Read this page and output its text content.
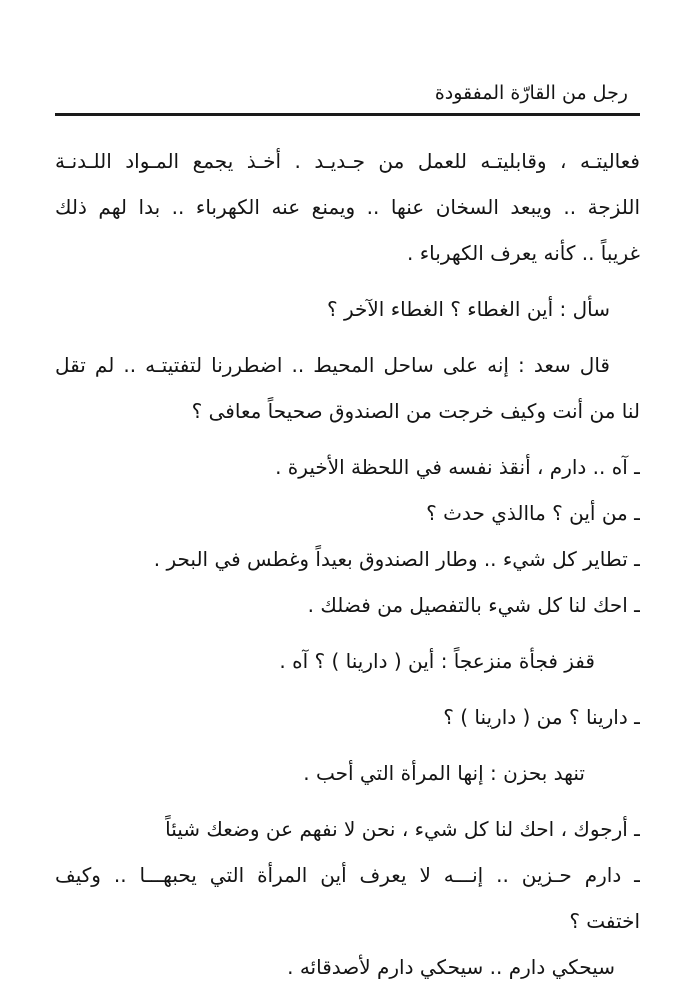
رجل من القارّة المفقودة
فعاليتـه ، وقابليتـه للعمل من جـديـد . أخـذ يجمع المـواد اللـدنـة
اللزجة .. ويبعد السخان عنها .. ويمنع عنه الكهرباء .. بدا لهم ذلك
غريباً .. كأنه يعرف الكهرباء .
سأل : أين الغطاء ؟ الغطاء الآخر ؟
قال سعد : إنه على ساحل المحيط .. اضطررنا لتفتيتـه .. لم تقل
لنا من أنت وكيف خرجت من الصندوق صحيحاً معافى ؟
ـ آه .. دارم ، أنقذ نفسه في اللحظة الأخيرة .
ـ من أين ؟ ماالذي حدث ؟
ـ تطاير كل شيء .. وطار الصندوق بعيداً وغطس في البحر .
ـ احك لنا كل شيء بالتفصيل من فضلك .
قفز فجأة منزعجاً : أين ( دارينا ) ؟ آه .
ـ دارينا ؟ من ( دارينا ) ؟
تنهد بحزن : إنها المرأة التي أحب .
ـ أرجوك ، احك لنا كل شيء ، نحن لا نفهم عن وضعك شيئاً
ـ دارم حـزين .. إنـــه لا يعرف أين المرأة التي يحبهـــا .. وكيف
اختفت ؟
سيحكي دارم .. سيحكي دارم لأصدقائه .
